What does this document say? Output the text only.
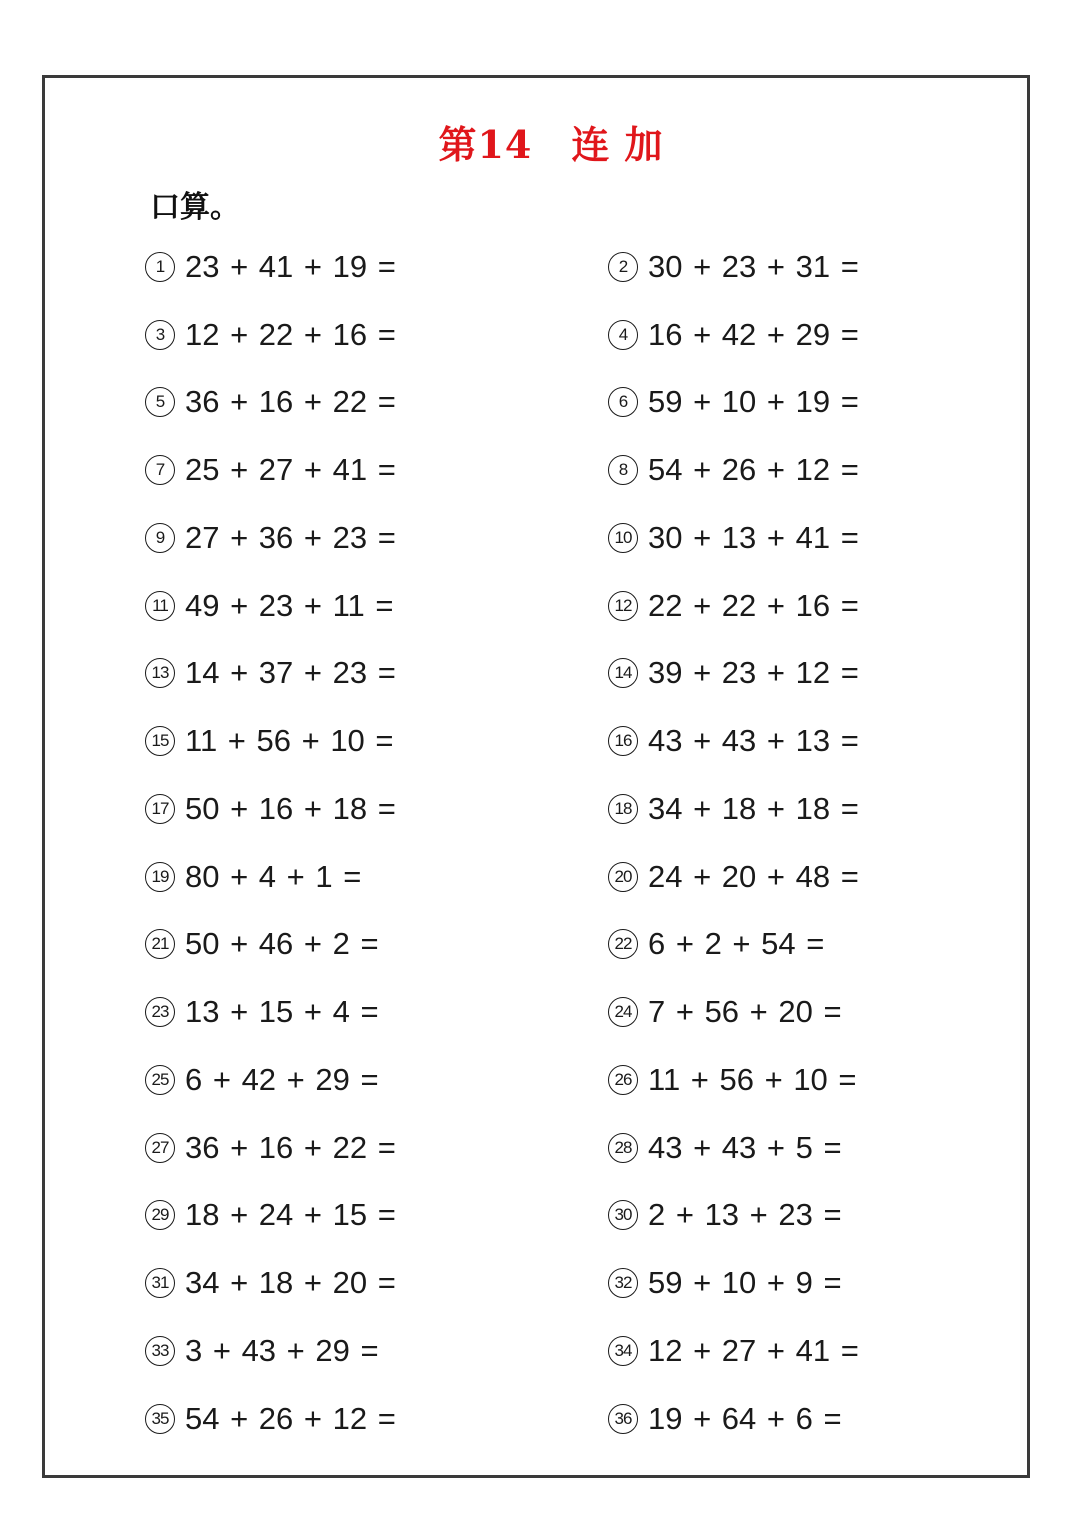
第14　连 加
口算。
1 23 + 41 + 19 =	2 30 + 23 + 31 =
3 12 + 22 + 16 =	4 16 + 42 + 29 =
5 36 + 16 + 22 =	6 59 + 10 + 19 =
7 25 + 27 + 41 =	8 54 + 26 + 12 =
9 27 + 36 + 23 =	10 30 + 13 + 41 =
11 49 + 23 + 11 =	12 22 + 22 + 16 =
13 14 + 37 + 23 =	14 39 + 23 + 12 =
15 11 + 56 + 10 =	16 43 + 43 + 13 =
17 50 + 16 + 18 =	18 34 + 18 + 18 =
19 80 + 4 + 1 =	20 24 + 20 + 48 =
21 50 + 46 + 2 =	22 6 + 2 + 54 =
23 13 + 15 + 4 =	24 7 + 56 + 20 =
25 6 + 42 + 29 =	26 11 + 56 + 10 =
27 36 + 16 + 22 =	28 43 + 43 + 5 =
29 18 + 24 + 15 =	30 2 + 13 + 23 =
31 34 + 18 + 20 =	32 59 + 10 + 9 =
33 3 + 43 + 29 =	34 12 + 27 + 41 =
35 54 + 26 + 12 =	36 19 + 64 + 6 =
